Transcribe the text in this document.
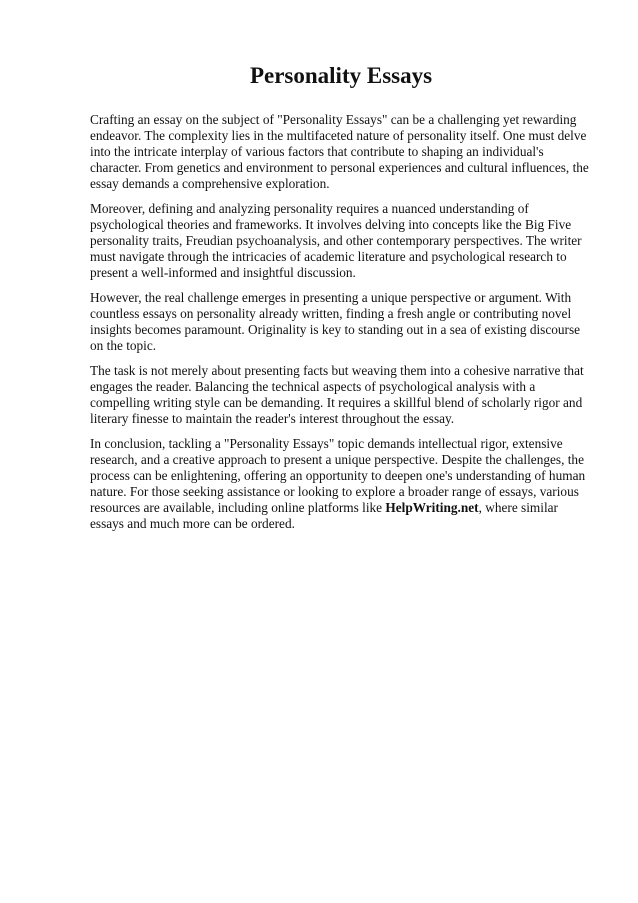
Personality Essays

Crafting an essay on the subject of "Personality Essays" can be a challenging yet rewarding endeavor. The complexity lies in the multifaceted nature of personality itself. One must delve into the intricate interplay of various factors that contribute to shaping an individual's character. From genetics and environment to personal experiences and cultural influences, the essay demands a comprehensive exploration.

Moreover, defining and analyzing personality requires a nuanced understanding of psychological theories and frameworks. It involves delving into concepts like the Big Five personality traits, Freudian psychoanalysis, and other contemporary perspectives. The writer must navigate through the intricacies of academic literature and psychological research to present a well-informed and insightful discussion.

However, the real challenge emerges in presenting a unique perspective or argument. With countless essays on personality already written, finding a fresh angle or contributing novel insights becomes paramount. Originality is key to standing out in a sea of existing discourse on the topic.

The task is not merely about presenting facts but weaving them into a cohesive narrative that engages the reader. Balancing the technical aspects of psychological analysis with a compelling writing style can be demanding. It requires a skillful blend of scholarly rigor and literary finesse to maintain the reader's interest throughout the essay.

In conclusion, tackling a "Personality Essays" topic demands intellectual rigor, extensive research, and a creative approach to present a unique perspective. Despite the challenges, the process can be enlightening, offering an opportunity to deepen one's understanding of human nature. For those seeking assistance or looking to explore a broader range of essays, various resources are available, including online platforms like HelpWriting.net, where similar essays and much more can be ordered.
